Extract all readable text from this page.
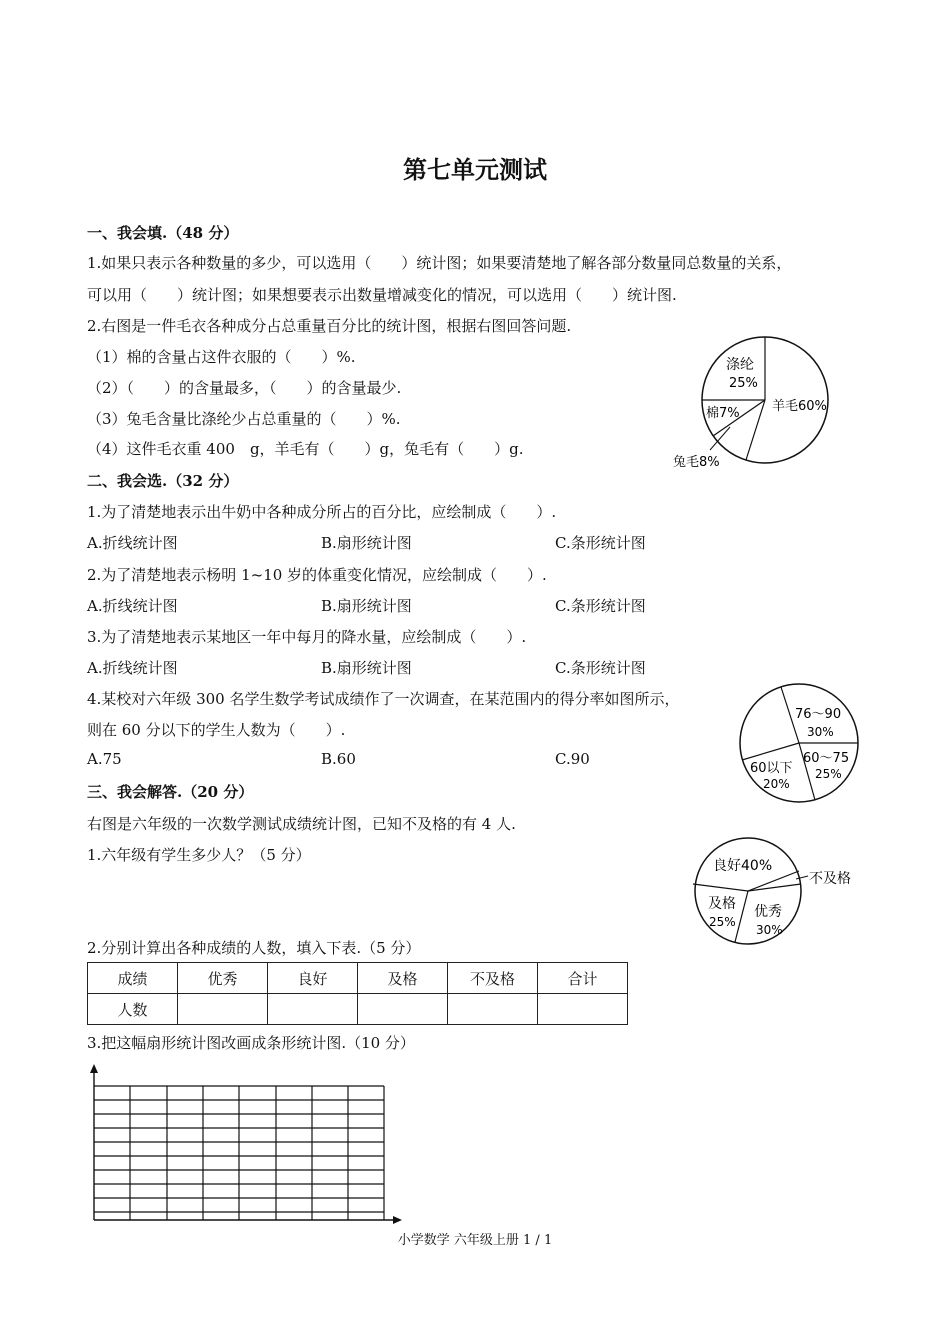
第七单元测试
一、我会填.（48 分）
1.如果只表示各种数量的多少，可以选用（　　）统计图；如果要清楚地了解各部分数量同总数量的关系，
可以用（　　）统计图；如果想要表示出数量增减变化的情况，可以选用（　　）统计图.
2.右图是一件毛衣各种成分占总重量百分比的统计图，根据右图回答问题.
（1）棉的含量占这件衣服的（　　）%.
（2）（　　）的含量最多，（　　）的含量最少.
（3）兔毛含量比涤纶少占总重量的（　　）%.
（4）这件毛衣重 400　g，羊毛有（　　）g，兔毛有（　　）g.
羊毛60%
兔毛8%
棉7%
涤纶
25%
二、我会选.（32 分）
1.为了清楚地表示出牛奶中各种成分所占的百分比，应绘制成（　　）.
A.折线统计图	B.扇形统计图	C.条形统计图
2.为了清楚地表示杨明 1~10 岁的体重变化情况，应绘制成（　　）.
A.折线统计图	B.扇形统计图	C.条形统计图
3.为了清楚地表示某地区一年中每月的降水量，应绘制成（　　）.
A.折线统计图	B.扇形统计图	C.条形统计图
4.某校对六年级 300 名学生数学考试成绩作了一次调查，在某范围内的得分率如图所示，
则在 60 分以下的学生人数为（　　）.
A.75	B.60	C.90
76～90
30%
60～75
25%
60以下
20%
三、我会解答.（20 分）
右图是六年级的一次数学测试成绩统计图，已知不及格的有 4 人.
1.六年级有学生多少人？（5 分）
良好40%
不及格
优秀
30%
及格
25%
2.分别计算出各种成绩的人数，填入下表.（5 分）
成绩	优秀	良好	及格	不及格	合计
人数					
3.把这幅扇形统计图改画成条形统计图.（10 分）
小学数学 六年级上册 1 / 1
